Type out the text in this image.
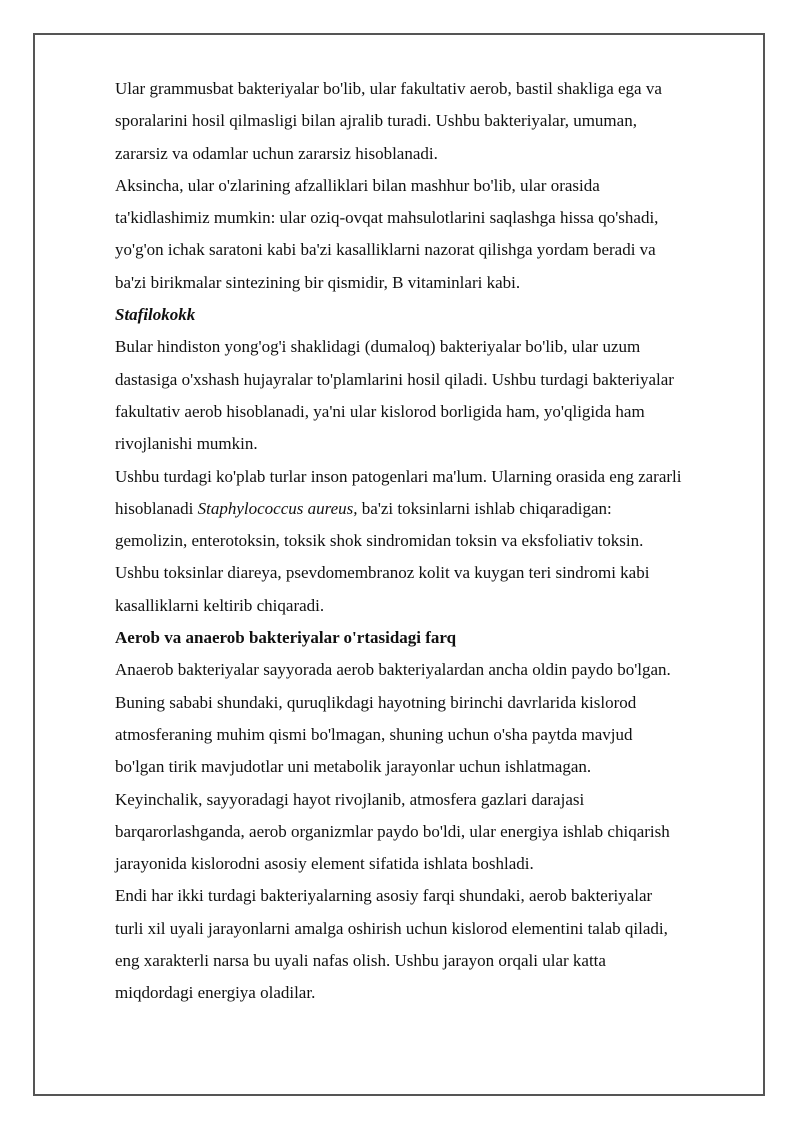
Ular grammusbat bakteriyalar bo'lib, ular fakultativ aerob, bastil shakliga ega va
sporalarini hosil qilmasligi bilan ajralib turadi. Ushbu bakteriyalar, umuman,
zararsiz va odamlar uchun zararsiz hisoblanadi.

Aksincha, ular o'zlarining afzalliklari bilan mashhur bo'lib, ular orasida
ta'kidlashimiz mumkin: ular oziq-ovqat mahsulotlarini saqlashga hissa qo'shadi,
yo'g'on ichak saratoni kabi ba'zi kasalliklarni nazorat qilishga yordam beradi va
ba'zi birikmalar sintezining bir qismidir, B vitaminlari kabi.

Stafilokokk

Bular hindiston yong'og'i shaklidagi (dumaloq) bakteriyalar bo'lib, ular uzum
dastasiga o'xshash hujayralar to'plamlarini hosil qiladi. Ushbu turdagi bakteriyalar
fakultativ aerob hisoblanadi, ya'ni ular kislorod borligida ham, yo'qligida ham
rivojlanishi mumkin.

Ushbu turdagi ko'plab turlar inson patogenlari ma'lum. Ularning orasida eng zararli
hisoblanadi Staphylococcus aureus, ba'zi toksinlarni ishlab chiqaradigan:
gemolizin, enterotoksin, toksik shok sindromidan toksin va eksfoliativ toksin.
Ushbu toksinlar diareya, psevdomembranoz kolit va kuygan teri sindromi kabi
kasalliklarni keltirib chiqaradi.

Aerob va anaerob bakteriyalar o'rtasidagi farq

Anaerob bakteriyalar sayyorada aerob bakteriyalardan ancha oldin paydo bo'lgan.
Buning sababi shundaki, quruqlikdagi hayotning birinchi davrlarida kislorod
atmosferaning muhim qismi bo'lmagan, shuning uchun o'sha paytda mavjud
bo'lgan tirik mavjudotlar uni metabolik jarayonlar uchun ishlatmagan.

Keyinchalik, sayyoradagi hayot rivojlanib, atmosfera gazlari darajasi
barqarorlashganda, aerob organizmlar paydo bo'ldi, ular energiya ishlab chiqarish
jarayonida kislorodni asosiy element sifatida ishlata boshladi.

Endi har ikki turdagi bakteriyalarning asosiy farqi shundaki, aerob bakteriyalar
turli xil uyali jarayonlarni amalga oshirish uchun kislorod elementini talab qiladi,
eng xarakterli narsa bu uyali nafas olish. Ushbu jarayon orqali ular katta
miqdordagi energiya oladilar.
